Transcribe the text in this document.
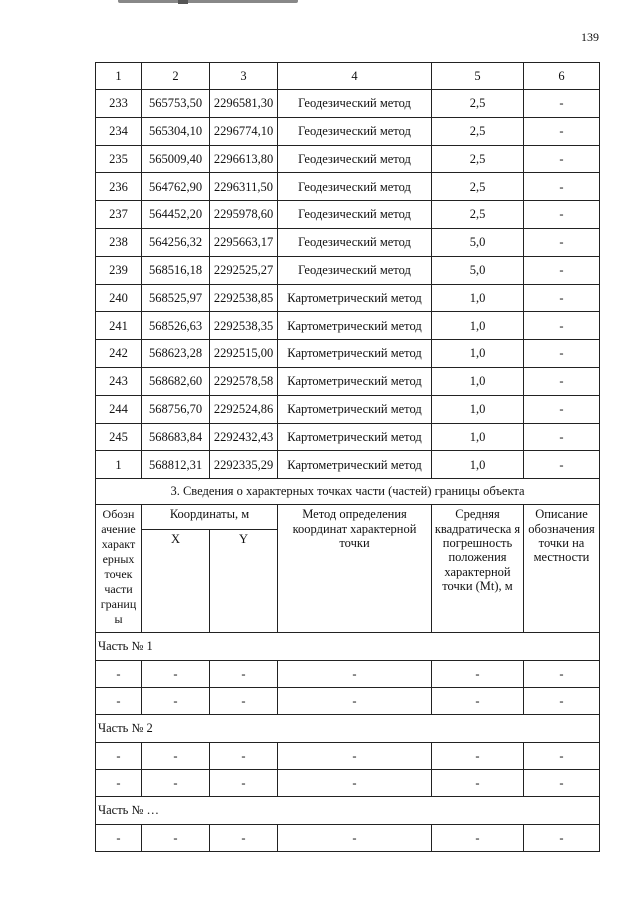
139
1	2	3	4	5	6
233	565753,50	2296581,30	Геодезический метод	2,5	-
234	565304,10	2296774,10	Геодезический метод	2,5	-
235	565009,40	2296613,80	Геодезический метод	2,5	-
236	564762,90	2296311,50	Геодезический метод	2,5	-
237	564452,20	2295978,60	Геодезический метод	2,5	-
238	564256,32	2295663,17	Геодезический метод	5,0	-
239	568516,18	2292525,27	Геодезический метод	5,0	-
240	568525,97	2292538,85	Картометрический метод	1,0	-
241	568526,63	2292538,35	Картометрический метод	1,0	-
242	568623,28	2292515,00	Картометрический метод	1,0	-
243	568682,60	2292578,58	Картометрический метод	1,0	-
244	568756,70	2292524,86	Картометрический метод	1,0	-
245	568683,84	2292432,43	Картометрический метод	1,0	-
1	568812,31	2292335,29	Картометрический метод	1,0	-
3. Сведения о характерных точках части (частей) границы объекта					
Обозн ачение характ ерных точек части границ ы	Координаты, м		Метод определения координат характерной точки	Средняя квадратическа я погрешность положения характерной точки (Mt), м	Описание обозначения точки на местности
	X	Y			
Часть № 1					
-	-	-	-	-	-
-	-	-	-	-	-
Часть № 2					
-	-	-	-	-	-
-	-	-	-	-	-
Часть № …					
-	-	-	-	-	-
